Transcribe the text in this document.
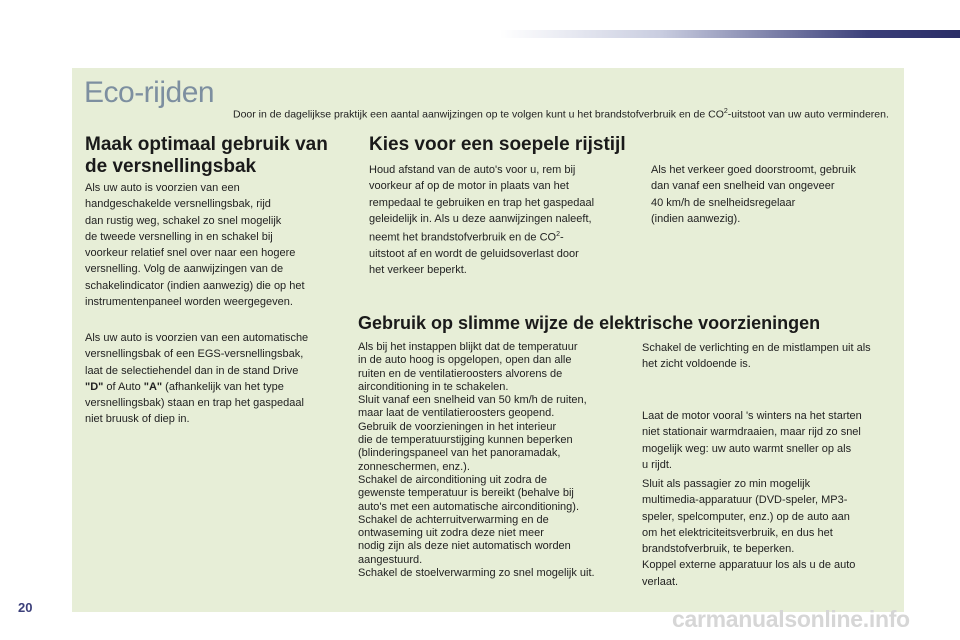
Eco-rijden
Door in de dagelijkse praktijk een aantal aanwijzingen op te volgen kunt u het brandstofverbruik en de $CO^2$-uitstoot van uw auto verminderen.
Maak optimaal gebruik van
de versnellingsbak

Als uw auto is voorzien van een
handgeschakelde versnellingsbak, rijd
dan rustig weg, schakel zo snel mogelijk
de tweede versnelling in en schakel bij
voorkeur relatief snel over naar een hogere
versnelling. Volg de aanwijzingen van de
schakelindicator (indien aanwezig) die op het
instrumentenpaneel worden weergegeven.

Als uw auto is voorzien van een automatische
versnellingsbak of een EGS-versnellingsbak,
laat de selectiehendel dan in de stand Drive
"D" of Auto "A" (afhankelijk van het type
versnellingsbak) staan en trap het gaspedaal
niet bruusk of diep in.

Kies voor een soepele rijstijl

Houd afstand van de auto's voor u, rem bij
voorkeur af op de motor in plaats van het
rempedaal te gebruiken en trap het gaspedaal
geleidelijk in. Als u deze aanwijzingen naleeft,
neemt het brandstofverbruik en de $CO^2-$
uitstoot af en wordt de geluidsoverlast door
het verkeer beperkt.

Als het verkeer goed doorstroomt, gebruik
dan vanaf een snelheid van ongeveer
40 km/h de snelheidsregelaar
(indien aanwezig).

Gebruik op slimme wijze de elektrische voorzieningen

Als bij het instappen blijkt dat de temperatuur
in de auto hoog is opgelopen, open dan alle
ruiten en de ventilatieroosters alvorens de
airconditioning in te schakelen.
Sluit vanaf een snelheid van 50 km/h de ruiten,
maar laat de ventilatieroosters geopend.
Gebruik de voorzieningen in het interieur
die de temperatuurstijging kunnen beperken
(blinderingspaneel van het panoramadak,
zonneschermen, enz.).
Schakel de airconditioning uit zodra de
gewenste temperatuur is bereikt (behalve bij
auto's met een automatische airconditioning).
Schakel de achterruitverwarming en de
ontwaseming uit zodra deze niet meer
nodig zijn als deze niet automatisch worden
aangestuurd.
Schakel de stoelverwarming zo snel mogelijk uit.

Schakel de verlichting en de mistlampen uit als
het zicht voldoende is.

Laat de motor vooral 's winters na het starten
niet stationair warmdraaien, maar rijd zo snel
mogelijk weg: uw auto warmt sneller op als
u rijdt.

Sluit als passagier zo min mogelijk
multimedia-apparatuur (DVD-speler, MP3-
speler, spelcomputer, enz.) op de auto aan
om het elektriciteitsverbruik, en dus het
brandstofverbruik, te beperken.
Koppel externe apparatuur los als u de auto
verlaat.

20	carmanualsonline.info
